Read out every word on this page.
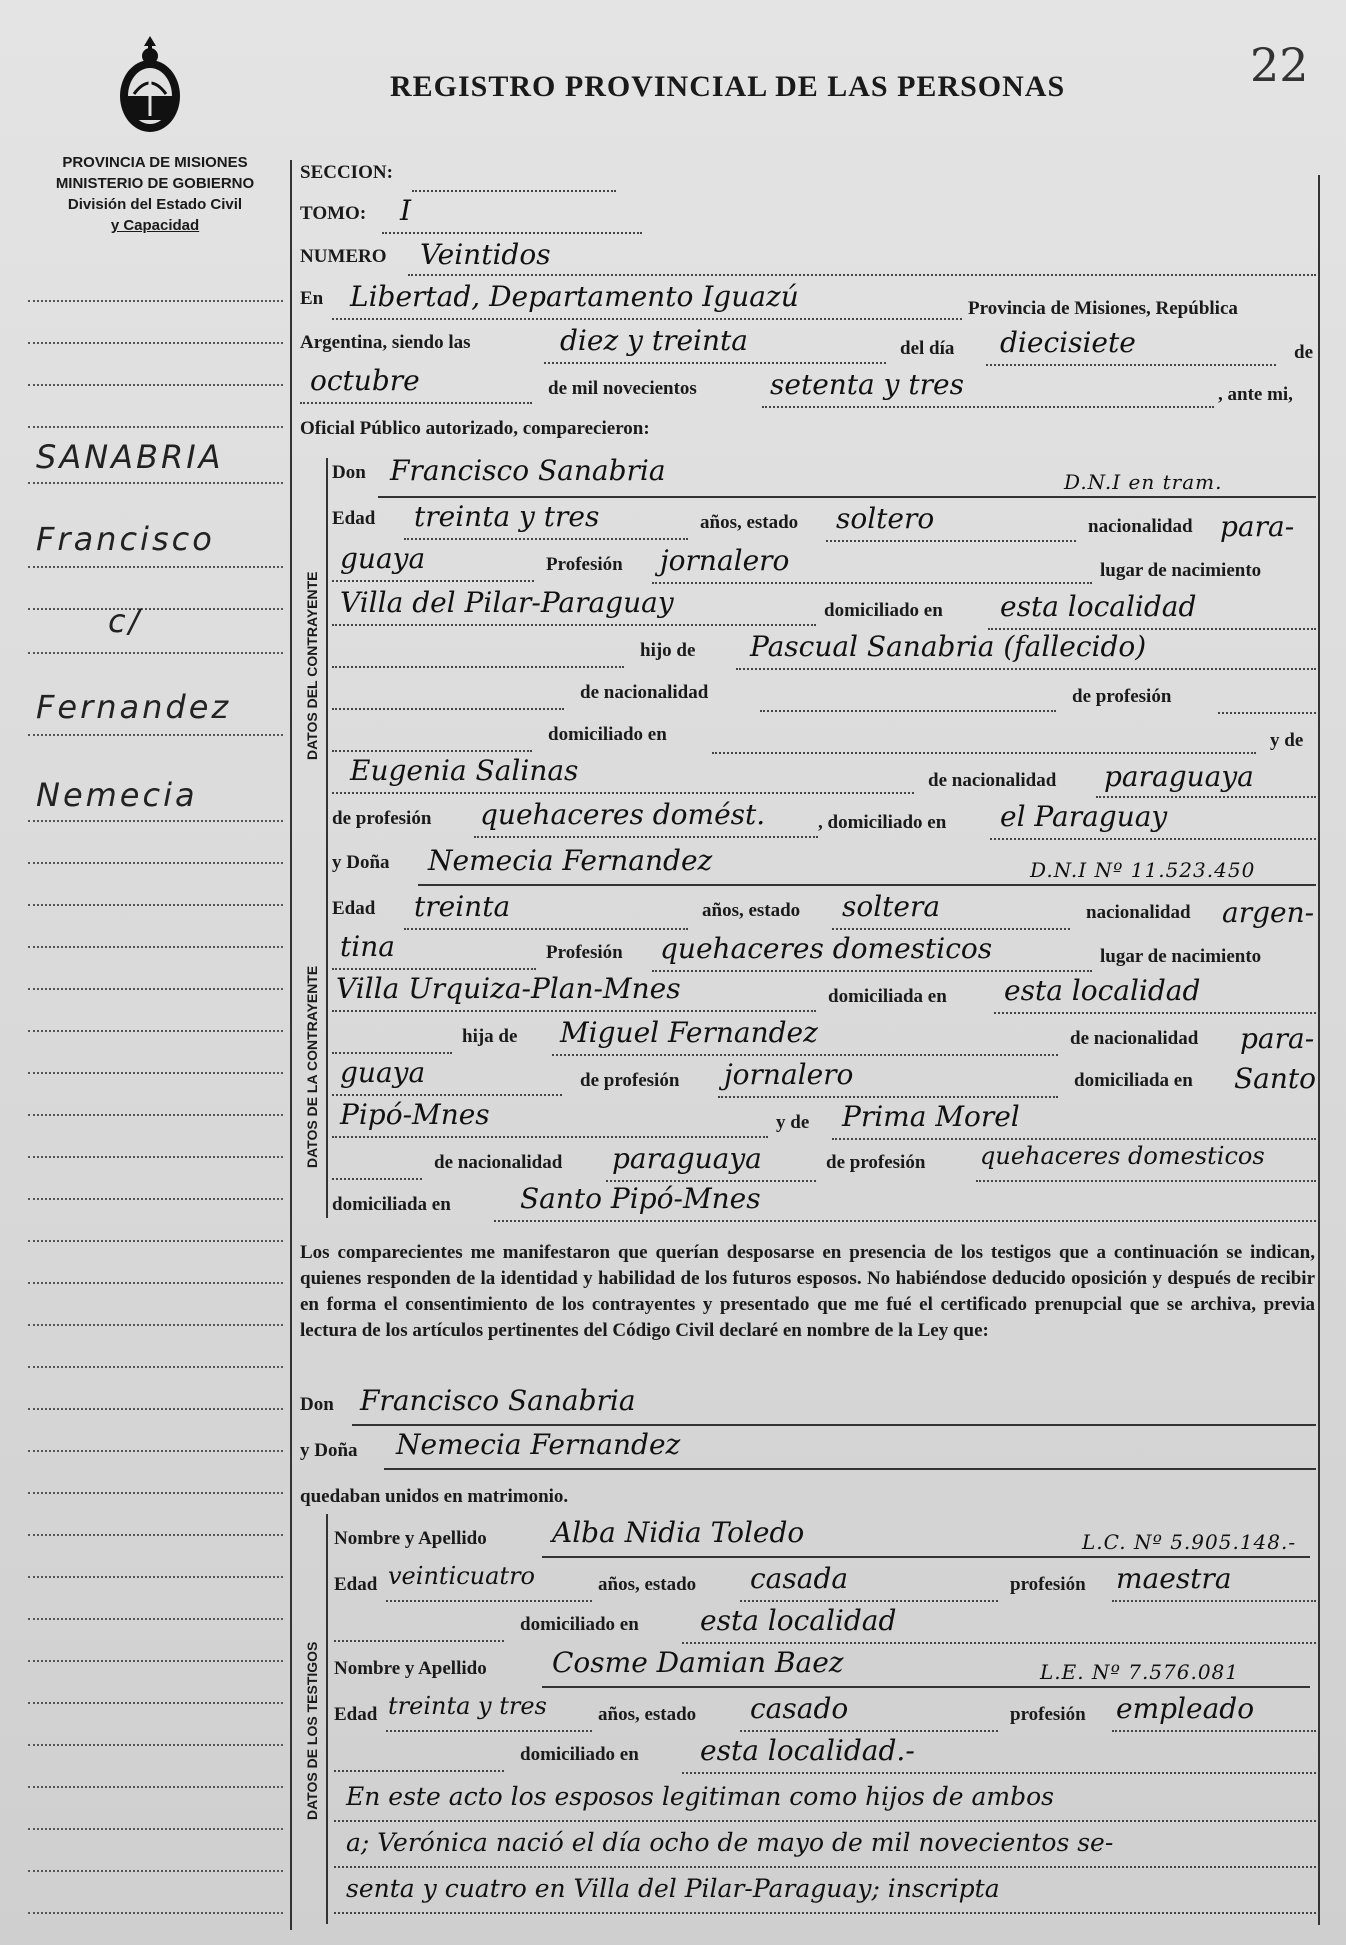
REGISTRO PROVINCIAL DE LAS PERSONAS	22
PROVINCIA DE MISIONES
MINISTERIO DE GOBIERNO
División del Estado Civil
y Capacidad
SANABRIA
Francisco
c/
Fernandez
Nemecia
SECCION:
TOMO: I
NUMERO Veintidos
En Libertad, Departamento Iguazú	Provincia de Misiones, República
Argentina, siendo las	diez y treinta	del día diecisiete	de
octubre	de mil novecientos	setenta y tres	, ante mi,
Oficial Público autorizado, comparecieron:
DATOS DEL CONTRAYENTE
DATOS DE LA CONTRAYENTE
Don Francisco Sanabria	D.N.I en tram.
Edad treinta y tres	años, estado soltero	nacionalidad para-
guaya	Profesión jornalero	lugar de nacimiento
Villa del Pilar-Paraguay	domiciliado en esta localidad
hijo de Pascual Sanabria (fallecido)
de nacionalidad	de profesión
domiciliado en	y de
Eugenia Salinas	de nacionalidad paraguaya
de profesión quehaceres domést.	, domiciliado en el Paraguay
y Doña Nemecia Fernandez	D.N.I Nº 11.523.450
Edad treinta	años, estado soltera	nacionalidad argen-
tina	Profesión quehaceres domesticos	lugar de nacimiento
Villa Urquiza-Plan-Mnes	domiciliada en esta localidad
hija de Miguel Fernandez	de nacionalidad para-
guaya	de profesión jornalero	domiciliada en Santo
Pipó-Mnes	y de Prima Morel
de nacionalidad paraguaya	de profesión quehaceres domesticos
domiciliada en Santo Pipó-Mnes
Los comparecientes me manifestaron que querían desposarse en presencia de los testigos que a continuación se indican, quienes responden de la identidad y habilidad de los futuros esposos. No habiéndose deducido oposición y después de recibir en forma el consentimiento de los contrayentes y presentado que me fué el certificado prenupcial que se archiva, previa lectura de los artículos pertinentes del Código Civil declaré en nombre de la Ley que:
Don Francisco Sanabria
y Doña Nemecia Fernandez
quedaban unidos en matrimonio.
DATOS DE LOS TESTIGOS
Nombre y Apellido Alba Nidia Toledo	L.C. Nº 5.905.148.-
Edad veinticuatro	años, estado casada	profesión maestra
domiciliado en esta localidad
Nombre y Apellido Cosme Damian Baez	L.E. Nº 7.576.081
Edad treinta y tres	años, estado casado	profesión empleado
domiciliado en esta localidad.-
En este acto los esposos legitiman como hijos de ambos
a; Verónica nació el día ocho de mayo de mil novecientos se-
senta y cuatro en Villa del Pilar-Paraguay; inscripta
